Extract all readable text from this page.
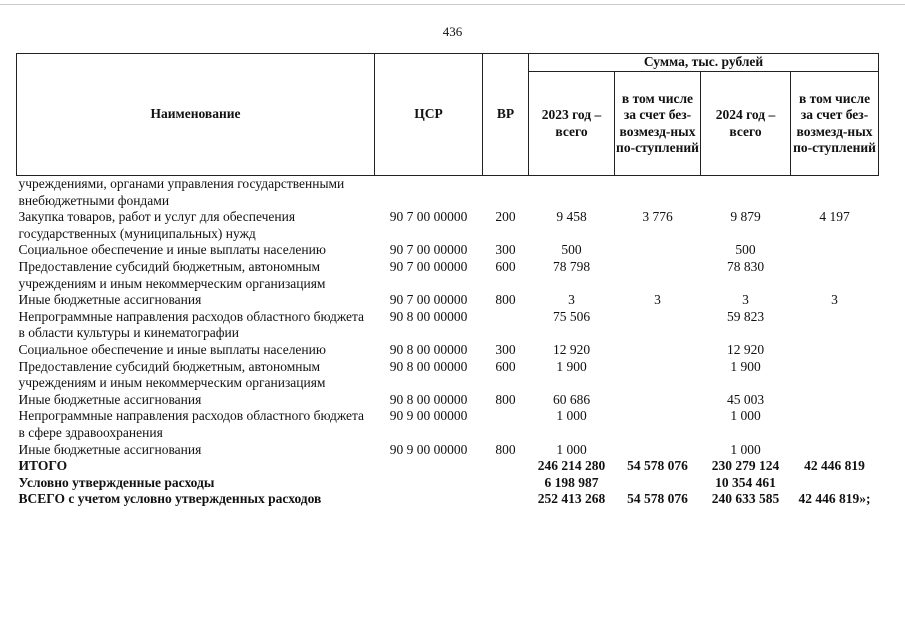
436
Наименование	ЦСР	ВР	Сумма, тыс. рублей			
			2023 год – всего	в том числе за счет без-возмезд-ных по-ступлений	2024 год – всего	в том числе за счет без-возмезд-ных по-ступлений
учреждениями, органами управления государственными внебюджетными фондами						
Закупка товаров, работ и услуг для обеспечения государственных (муниципальных) нужд	90 7 00 00000	200	9 458	3 776	9 879	4 197
Социальное обеспечение и иные выплаты населению	90 7 00 00000	300	500		500	
Предоставление субсидий бюджетным, автономным учреждениям и иным некоммерческим организациям	90 7 00 00000	600	78 798		78 830	
Иные бюджетные ассигнования	90 7 00 00000	800	3	3	3	3
Непрограммные направления расходов областного бюджета в области культуры и кинематографии	90 8 00 00000		75 506		59 823	
Социальное обеспечение и иные выплаты населению	90 8 00 00000	300	12 920		12 920	
Предоставление субсидий бюджетным, автономным учреждениям и иным некоммерческим организациям	90 8 00 00000	600	1 900		1 900	
Иные бюджетные ассигнования	90 8 00 00000	800	60 686		45 003	
Непрограммные направления расходов областного бюджета в сфере здравоохранения	90 9 00 00000		1 000		1 000	
Иные бюджетные ассигнования	90 9 00 00000	800	1 000		1 000	
ИТОГО			246 214 280	54 578 076	230 279 124	42 446 819
Условно утвержденные расходы			6 198 987		10 354 461	
ВСЕГО с учетом условно утвержденных расходов			252 413 268	54 578 076	240 633 585	42 446 819»;
